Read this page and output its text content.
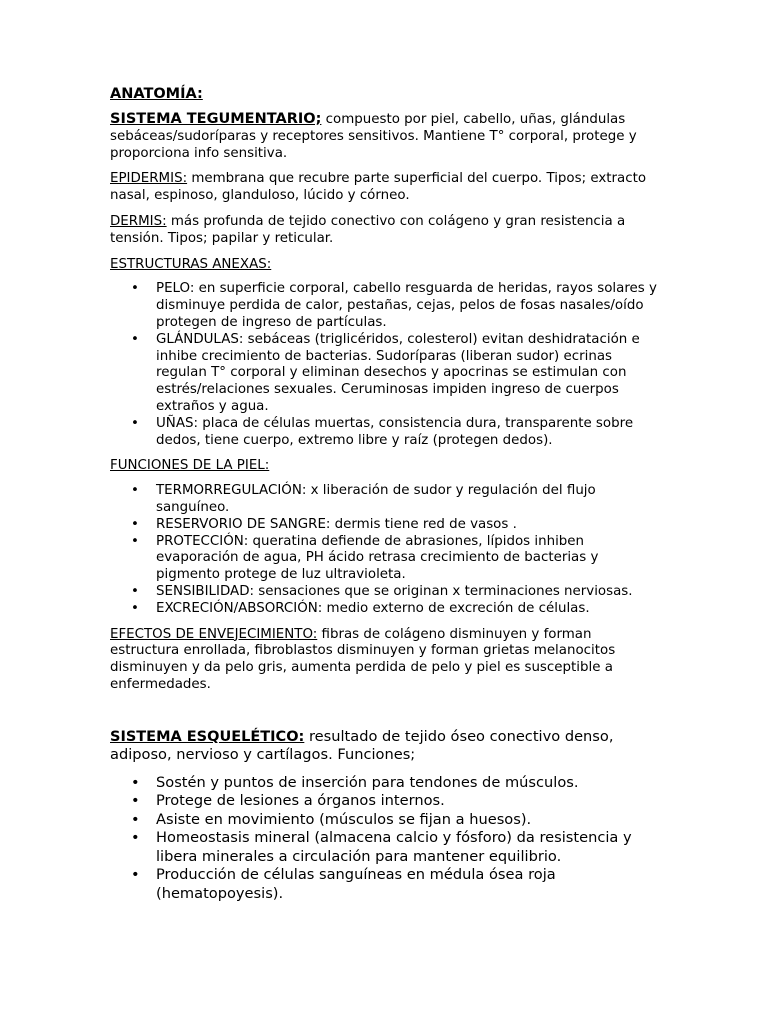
ANATOMÍA:

SISTEMA TEGUMENTARIO; compuesto por piel, cabello, uñas, glándulas sebáceas/sudoríparas y receptores sensitivos. Mantiene T° corporal, protege y proporciona info sensitiva.

EPIDERMIS: membrana que recubre parte superficial del cuerpo. Tipos; extracto nasal, espinoso, glanduloso, lúcido y córneo.

DERMIS: más profunda de tejido conectivo con colágeno y gran resistencia a tensión. Tipos; papilar y reticular.

ESTRUCTURAS ANEXAS:

• PELO: en superficie corporal, cabello resguarda de heridas, rayos solares y disminuye perdida de calor, pestañas, cejas, pelos de fosas nasales/oído protegen de ingreso de partículas.
• GLÁNDULAS: sebáceas (triglicéridos, colesterol) evitan deshidratación e inhibe crecimiento de bacterias. Sudoríparas (liberan sudor) ecrinas regulan T° corporal y eliminan desechos y apocrinas se estimulan con estrés/relaciones sexuales. Ceruminosas impiden ingreso de cuerpos extraños y agua.
• UÑAS: placa de células muertas, consistencia dura, transparente sobre dedos, tiene cuerpo, extremo libre y raíz (protegen dedos).

FUNCIONES DE LA PIEL:

• TERMORREGULACIÓN: x liberación de sudor y regulación del flujo sanguíneo.
• RESERVORIO DE SANGRE: dermis tiene red de vasos .
• PROTECCIÓN: queratina defiende de abrasiones, lípidos inhiben evaporación de agua, PH ácido retrasa crecimiento de bacterias y pigmento protege de luz ultravioleta.
• SENSIBILIDAD: sensaciones que se originan x terminaciones nerviosas.
• EXCRECIÓN/ABSORCIÓN: medio externo de excreción de células.

EFECTOS DE ENVEJECIMIENTO: fibras de colágeno disminuyen y forman estructura enrollada, fibroblastos disminuyen y forman grietas melanocitos disminuyen y da pelo gris, aumenta perdida de pelo y piel es susceptible a enfermedades.

SISTEMA ESQUELÉTICO: resultado de tejido óseo conectivo denso, adiposo, nervioso y cartílagos. Funciones;

• Sostén y puntos de inserción para tendones de músculos.
• Protege de lesiones a órganos internos.
• Asiste en movimiento (músculos se fijan a huesos).
• Homeostasis mineral (almacena calcio y fósforo) da resistencia y libera minerales a circulación para mantener equilibrio.
• Producción de células sanguíneas en médula ósea roja (hematopoyesis).
